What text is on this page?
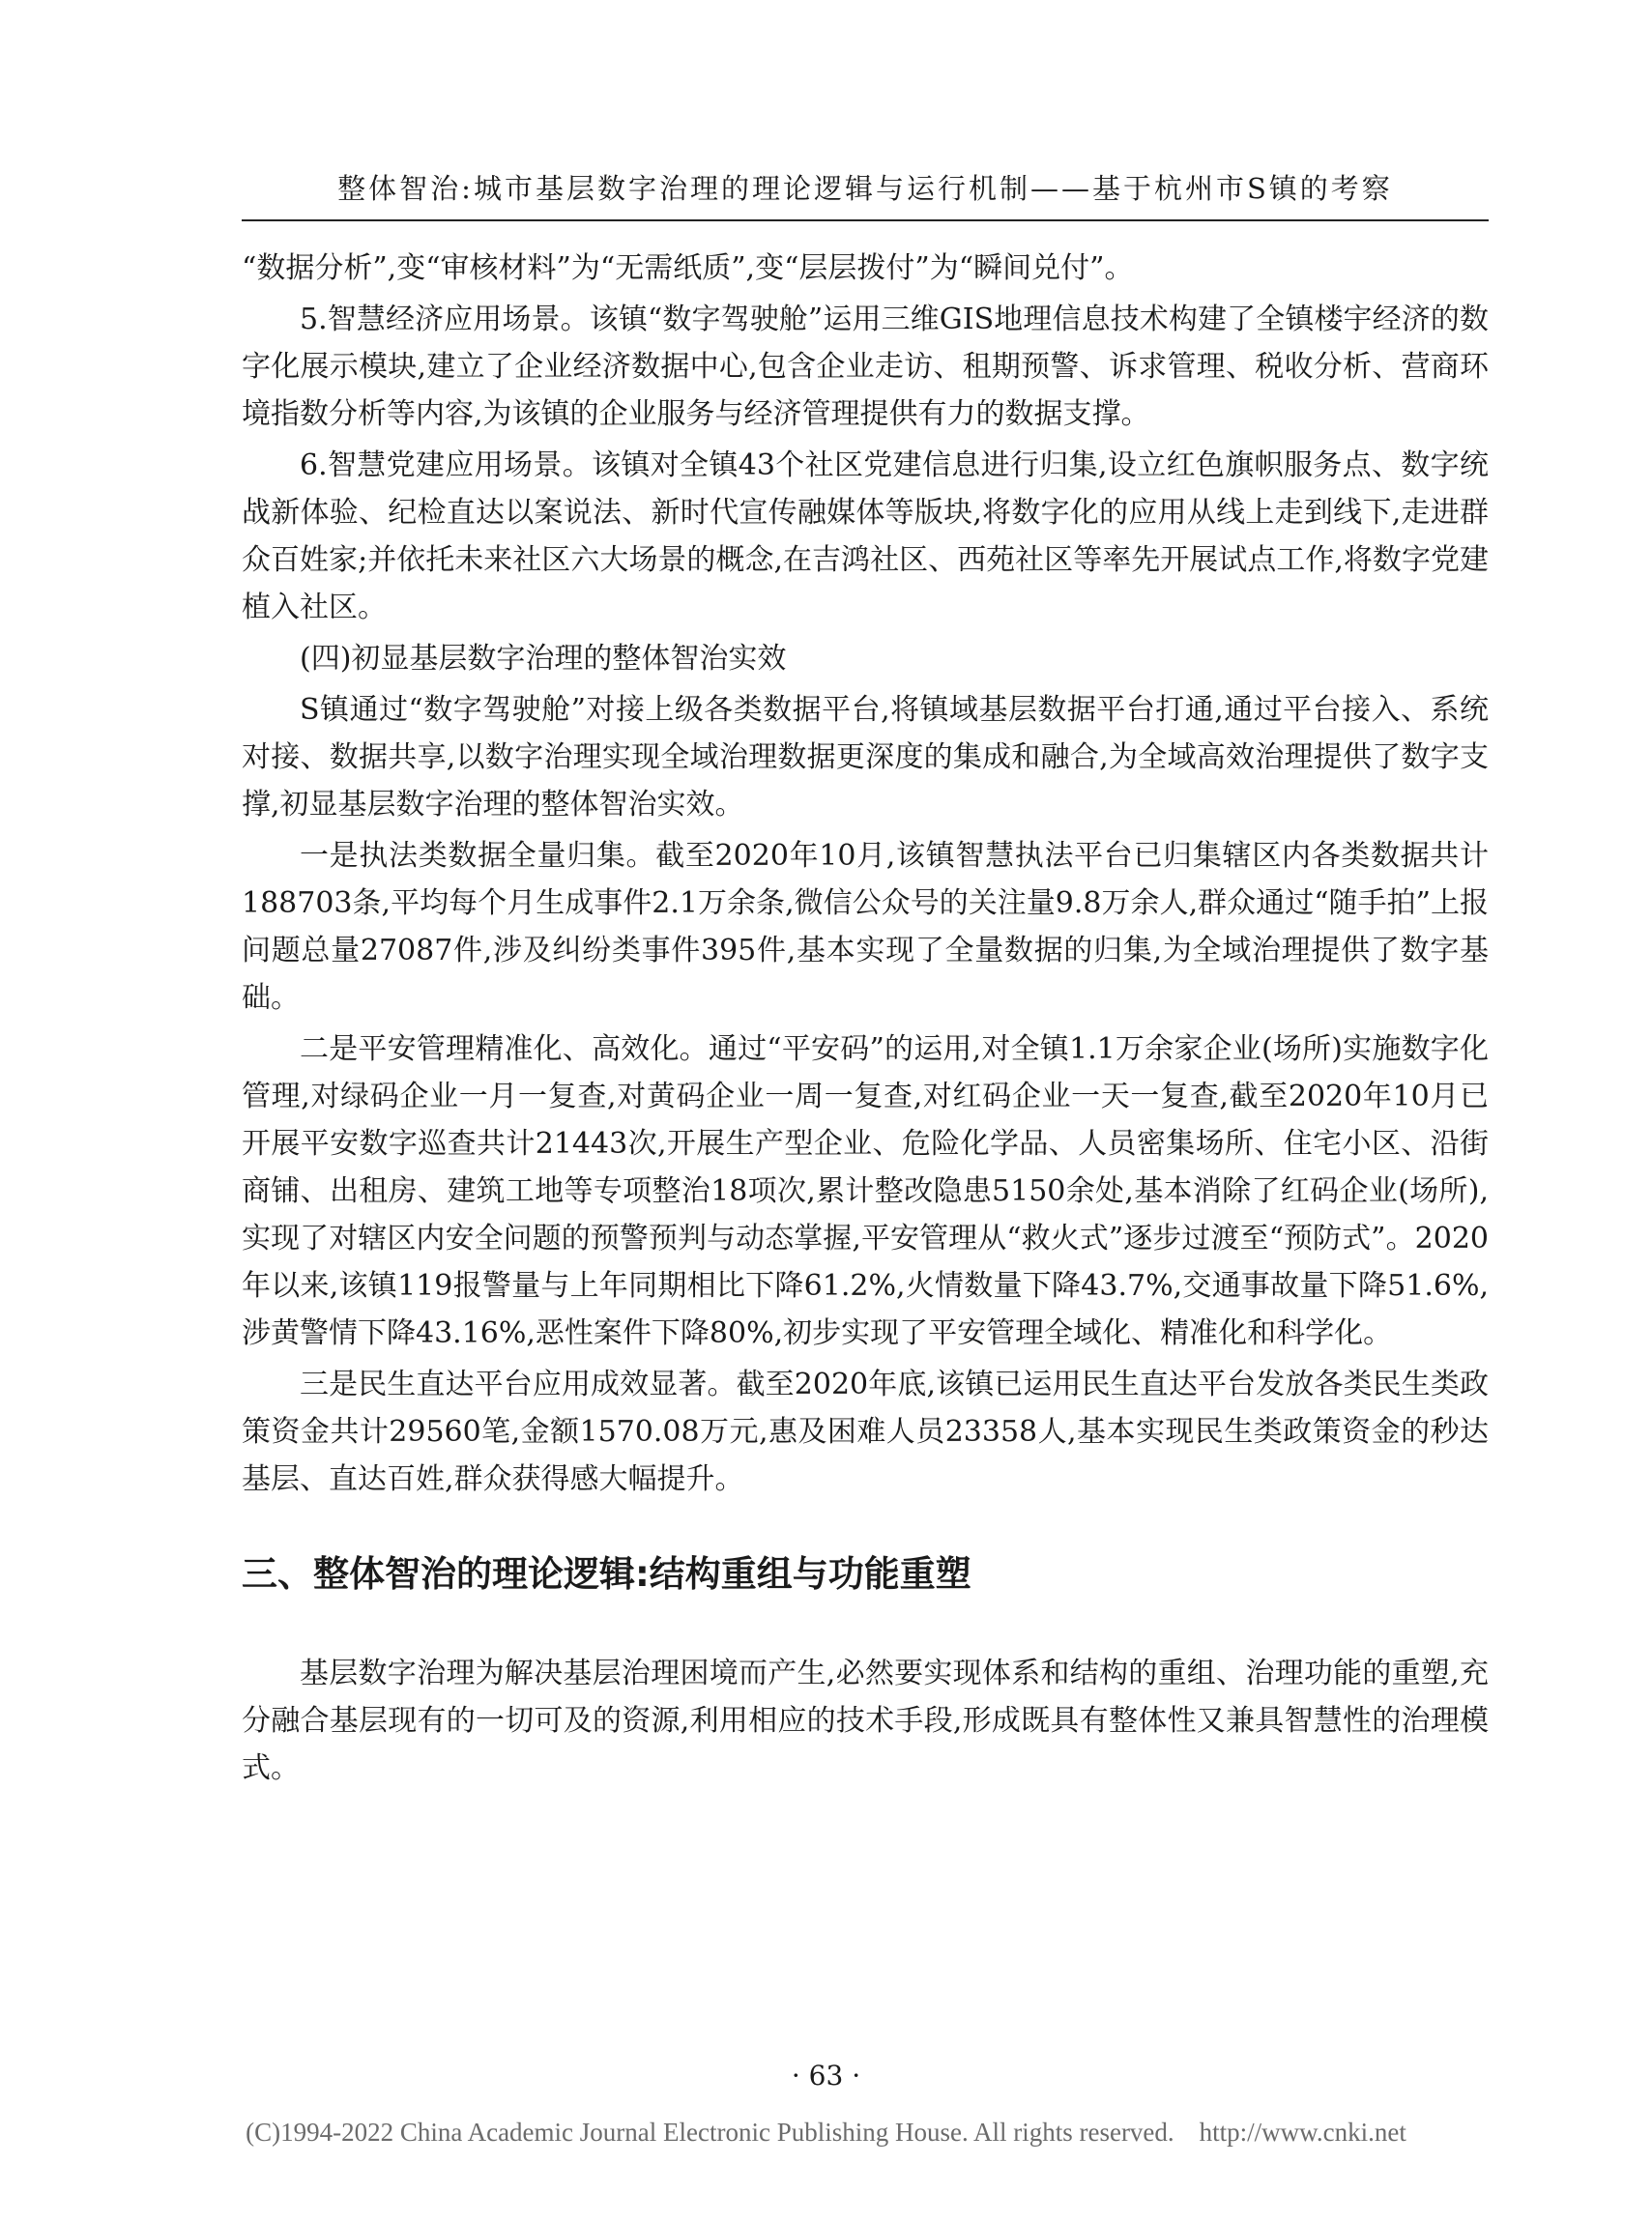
整体智治:城市基层数字治理的理论逻辑与运行机制——基于杭州市S镇的考察

“数据分析”,变“审核材料”为“无需纸质”,变“层层拨付”为“瞬间兑付”。

5.智慧经济应用场景。该镇“数字驾驶舱”运用三维GIS地理信息技术构建了全镇楼宇经济的数字化展示模块,建立了企业经济数据中心,包含企业走访、租期预警、诉求管理、税收分析、营商环境指数分析等内容,为该镇的企业服务与经济管理提供有力的数据支撑。

6.智慧党建应用场景。该镇对全镇43个社区党建信息进行归集,设立红色旗帜服务点、数字统战新体验、纪检直达以案说法、新时代宣传融媒体等版块,将数字化的应用从线上走到线下,走进群众百姓家;并依托未来社区六大场景的概念,在吉鸿社区、西苑社区等率先开展试点工作,将数字党建植入社区。

(四)初显基层数字治理的整体智治实效

S镇通过“数字驾驶舱”对接上级各类数据平台,将镇域基层数据平台打通,通过平台接入、系统对接、数据共享,以数字治理实现全域治理数据更深度的集成和融合,为全域高效治理提供了数字支撑,初显基层数字治理的整体智治实效。

一是执法类数据全量归集。截至2020年10月,该镇智慧执法平台已归集辖区内各类数据共计188703条,平均每个月生成事件2.1万余条,微信公众号的关注量9.8万余人,群众通过“随手拍”上报问题总量27087件,涉及纠纷类事件395件,基本实现了全量数据的归集,为全域治理提供了数字基础。

二是平安管理精准化、高效化。通过“平安码”的运用,对全镇1.1万余家企业(场所)实施数字化管理,对绿码企业一月一复查,对黄码企业一周一复查,对红码企业一天一复查,截至2020年10月已开展平安数字巡查共计21443次,开展生产型企业、危险化学品、人员密集场所、住宅小区、沿街商铺、出租房、建筑工地等专项整治18项次,累计整改隐患5150余处,基本消除了红码企业(场所),实现了对辖区内安全问题的预警预判与动态掌握,平安管理从“救火式”逐步过渡至“预防式”。2020年以来,该镇119报警量与上年同期相比下降61.2%,火情数量下降43.7%,交通事故量下降51.6%,涉黄警情下降43.16%,恶性案件下降80%,初步实现了平安管理全域化、精准化和科学化。

三是民生直达平台应用成效显著。截至2020年底,该镇已运用民生直达平台发放各类民生类政策资金共计29560笔,金额1570.08万元,惠及困难人员23358人,基本实现民生类政策资金的秒达基层、直达百姓,群众获得感大幅提升。

三、整体智治的理论逻辑:结构重组与功能重塑

基层数字治理为解决基层治理困境而产生,必然要实现体系和结构的重组、治理功能的重塑,充分融合基层现有的一切可及的资源,利用相应的技术手段,形成既具有整体性又兼具智慧性的治理模式。

· 63 ·
(C)1994-2022 China Academic Journal Electronic Publishing House. All rights reserved. http://www.cnki.net
